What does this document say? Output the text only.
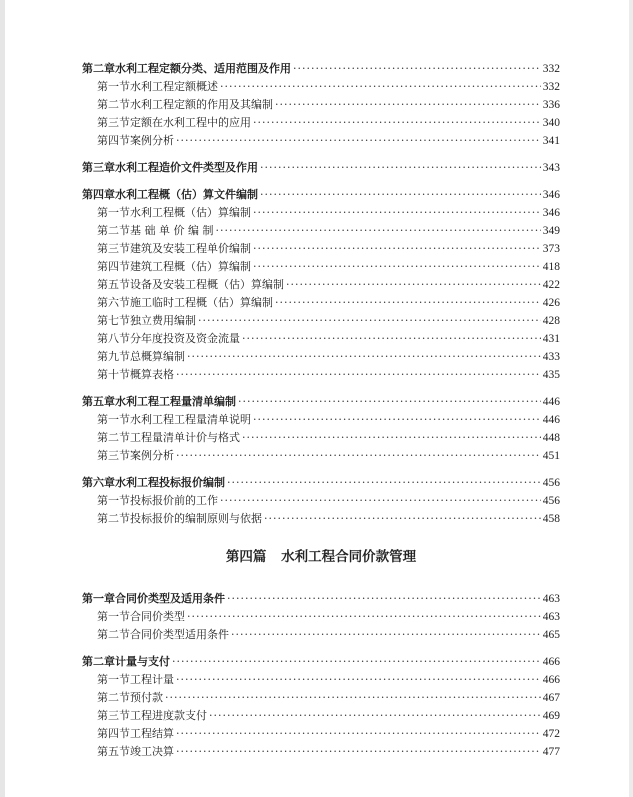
第二章 水利工程定额分类、适用范围及作用 ·····	332
第一节 水利工程定额概述 ·····	332
第二节 水利工程定额的作用及其编制 ·····	336
第三节 定额在水利工程中的应用 ·····	340
第四节 案例分析 ·····	341
第三章 水利工程造价文件类型及作用 ·····	343
第四章 水利工程概（估）算文件编制 ·····	346
第一节 水利工程概（估）算编制 ·····	346
第二节 基 础 单 价 编 制 ·····	349
第三节 建筑及安装工程单价编制 ·····	373
第四节 建筑工程概（估）算编制 ·····	418
第五节 设备及安装工程概（估）算编制 ·····	422
第六节 施工临时工程概（估）算编制 ·····	426
第七节 独立费用编制 ·····	428
第八节 分年度投资及资金流量 ·····	431
第九节 总概算编制 ·····	433
第十节 概算表格 ·····	435
第五章 水利工程工程量清单编制 ·····	446
第一节 水利工程工程量清单说明 ·····	446
第二节 工程量清单计价与格式 ·····	448
第三节 案例分析 ·····	451
第六章 水利工程投标报价编制 ·····	456
第一节 投标报价前的工作 ·····	456
第二节 投标报价的编制原则与依据 ·····	458
第四篇 水利工程合同价款管理
第一章 合同价类型及适用条件 ·····	463
第一节 合同价类型 ·····	463
第二节 合同价类型适用条件 ·····	465
第二章 计量与支付 ·····	466
第一节 工程计量 ·····	466
第二节 预付款 ·····	467
第三节 工程进度款支付 ·····	469
第四节 工程结算 ·····	472
第五节 竣工决算 ·····	477
